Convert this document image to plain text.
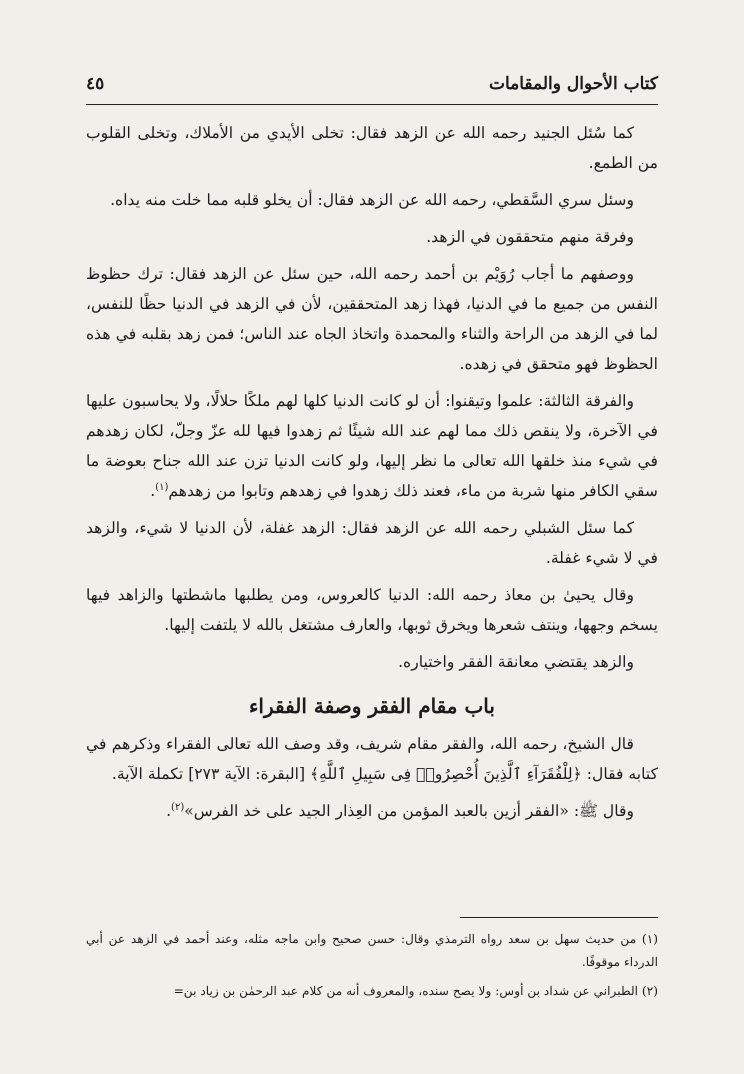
كتاب الأحوال والمقامات
٤٥

كما سُئل الجنيد رحمه الله عن الزهد فقال: تخلى الأيدي من الأملاك، وتخلى القلوب من الطمع.

وسئل سري السَّقطي، رحمه الله عن الزهد فقال: أن يخلو قلبه مما خلت منه يداه.

وفرقة منهم متحققون في الزهد.

ووصفهم ما أجاب رُوَيْم بن أحمد رحمه الله، حين سئل عن الزهد فقال: ترك حظوظ النفس من جميع ما في الدنيا، فهذا زهد المتحققين، لأن في الزهد في الدنيا حظًا للنفس، لما في الزهد من الراحة والثناء والمحمدة واتخاذ الجاه عند الناس؛ فمن زهد بقلبه في هذه الحظوظ فهو متحقق في زهده.

والفرقة الثالثة: علموا وتيقنوا: أن لو كانت الدنيا كلها لهم ملكًا حلالًا، ولا يحاسبون عليها في الآخرة، ولا ينقص ذلك مما لهم عند الله شيئًا ثم زهدوا فيها لله عزّ وجلّ، لكان زهدهم في شيء منذ خلقها الله تعالى ما نظر إليها، ولو كانت الدنيا تزن عند الله جناح بعوضة ما سقي الكافر منها شربة من ماء، فعند ذلك زهدوا في زهدهم وتابوا من زهدهم$^{(١)}$.

كما سئل الشبلي رحمه الله عن الزهد فقال: الزهد غفلة، لأن الدنيا لا شيء، والزهد في لا شيء غفلة.

وقال يحيىٰ بن معاذ رحمه الله: الدنيا كالعروس، ومن يطلبها ماشطتها والزاهد فيها يسخم وجهها، وينتف شعرها ويخرق ثوبها، والعارف مشتغل بالله لا يلتفت إليها.

والزهد يقتضي معانقة الفقر واختياره.

باب مقام الفقر وصفة الفقراء

قال الشيخ، رحمه الله، والفقر مقام شريف، وقد وصف الله تعالى الفقراء وذكرهم في كتابه فقال: ﴿لِلْفُقَرَآءِ ٱلَّذِينَ أُحْصِرُوا۟ فِى سَبِيلِ ٱللَّهِ﴾ [البقرة: الآية ٢٧٣] تكملة الآية.

وقال ﷺ: «الفقر أزين بالعبد المؤمن من العِذار الجيد على خد الفرس»$^{(٢)}$.

(١) من حديث سهل بن سعد رواه الترمذي وقال: حسن صحيح وابن ماجه مثله، وعند أحمد في الزهد عن أبي الدرداء موقوفًا.
(٢) الطبراني عن شداد بن أوس: ولا يصح سنده، والمعروف أنه من كلام عبد الرحمٰن بن زياد بن=
